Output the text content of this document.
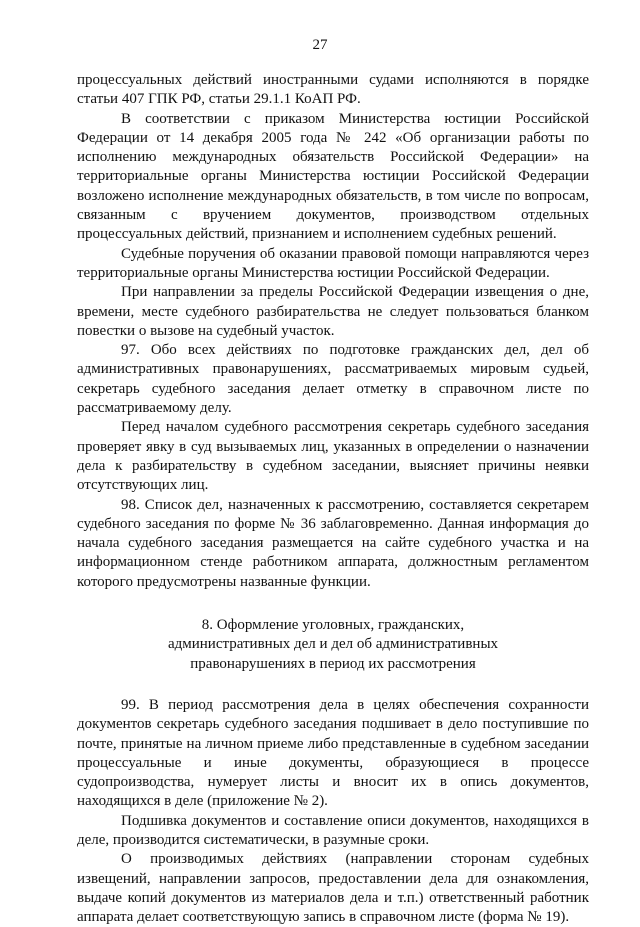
27

процессуальных действий иностранными судами исполняются в порядке статьи 407 ГПК РФ, статьи 29.1.1 КоАП РФ.

В соответствии с приказом Министерства юстиции Российской Федерации от 14 декабря 2005 года № 242 «Об организации работы по исполнению международных обязательств Российской Федерации» на территориальные органы Министерства юстиции Российской Федерации возложено исполнение международных обязательств, в том числе по вопросам, связанным с вручением документов, производством отдельных процессуальных действий, признанием и исполнением судебных решений.

Судебные поручения об оказании правовой помощи направляются через территориальные органы Министерства юстиции Российской Федерации.

При направлении за пределы Российской Федерации извещения о дне, времени, месте судебного разбирательства не следует пользоваться бланком повестки о вызове на судебный участок.

97. Обо всех действиях по подготовке гражданских дел, дел об административных правонарушениях, рассматриваемых мировым судьей, секретарь судебного заседания делает отметку в справочном листе по рассматриваемому делу.

Перед началом судебного рассмотрения секретарь судебного заседания проверяет явку в суд вызываемых лиц, указанных в определении о назначении дела к разбирательству в судебном заседании, выясняет причины неявки отсутствующих лиц.

98. Список дел, назначенных к рассмотрению, составляется секретарем судебного заседания по форме № 36 заблаговременно. Данная информация до начала судебного заседания размещается на сайте судебного участка и на информационном стенде работником аппарата, должностным регламентом которого предусмотрены названные функции.

8. Оформление уголовных, гражданских,
административных дел и дел об административных
правонарушениях в период их рассмотрения

99. В период рассмотрения дела в целях обеспечения сохранности документов секретарь судебного заседания подшивает в дело поступившие по почте, принятые на личном приеме либо представленные в судебном заседании процессуальные и иные документы, образующиеся в процессе судопроизводства, нумерует листы и вносит их в опись документов, находящихся в деле (приложение № 2).

Подшивка документов и составление описи документов, находящихся в деле, производится систематически, в разумные сроки.

О производимых действиях (направлении сторонам судебных извещений, направлении запросов, предоставлении дела для ознакомления, выдаче копий документов из материалов дела и т.п.) ответственный работник аппарата делает соответствующую запись в справочном листе (форма № 19).
